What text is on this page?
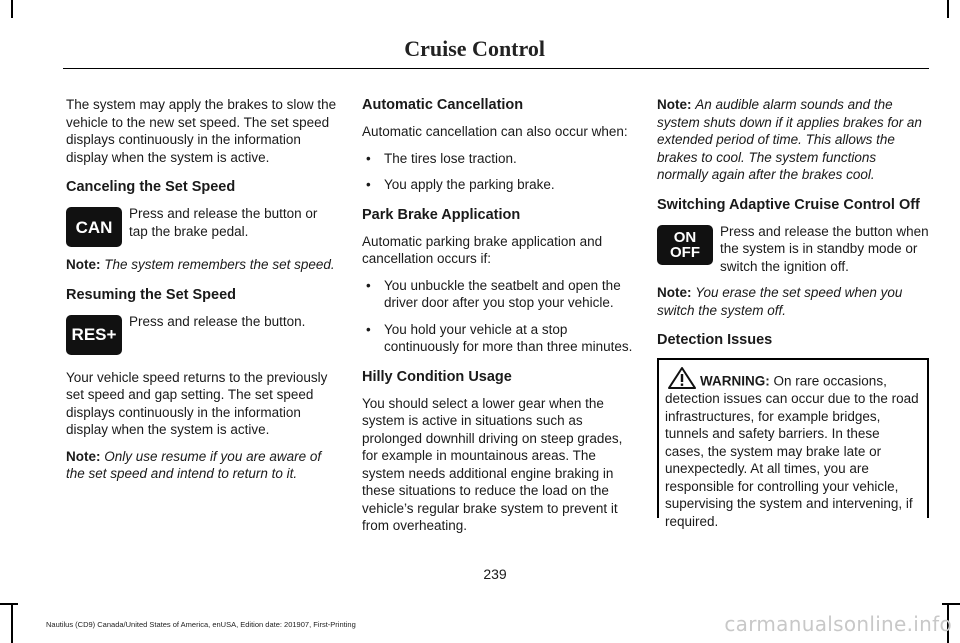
Cruise Control

The system may apply the brakes to slow the vehicle to the new set speed. The set speed displays continuously in the information display when the system is active.

Canceling the Set Speed
CAN
Press and release the button or tap the brake pedal.

Note: The system remembers the set speed.

Resuming the Set Speed
RES+
Press and release the button.

Your vehicle speed returns to the previously set speed and gap setting. The set speed displays continuously in the information display when the system is active.

Note: Only use resume if you are aware of the set speed and intend to return to it.

Automatic Cancellation

Automatic cancellation can also occur when:

• The tires lose traction.
• You apply the parking brake.
Park Brake Application

Automatic parking brake application and cancellation occurs if:

• You unbuckle the seatbelt and open the driver door after you stop your vehicle.
• You hold your vehicle at a stop continuously for more than three minutes.
Hilly Condition Usage

You should select a lower gear when the system is active in situations such as prolonged downhill driving on steep grades, for example in mountainous areas. The system needs additional engine braking in these situations to reduce the load on the vehicle’s regular brake system to prevent it from overheating.

Note: An audible alarm sounds and the system shuts down if it applies brakes for an extended period of time. This allows the brakes to cool. The system functions normally again after the brakes cool.

Switching Adaptive Cruise Control Off
ON
OFF
Press and release the button when the system is in standby mode or switch the ignition off.

Note: You erase the set speed when you switch the system off.

Detection Issues
WARNING: On rare occasions, detection issues can occur due to the road infrastructures, for example bridges, tunnels and safety barriers. In these cases, the system may brake late or unexpectedly. At all times, you are responsible for controlling your vehicle, supervising the system and intervening, if required.
239
Nautilus (CD9) Canada/United States of America, enUSA, Edition date: 201907, First-Printing	carmanualsonline.info
